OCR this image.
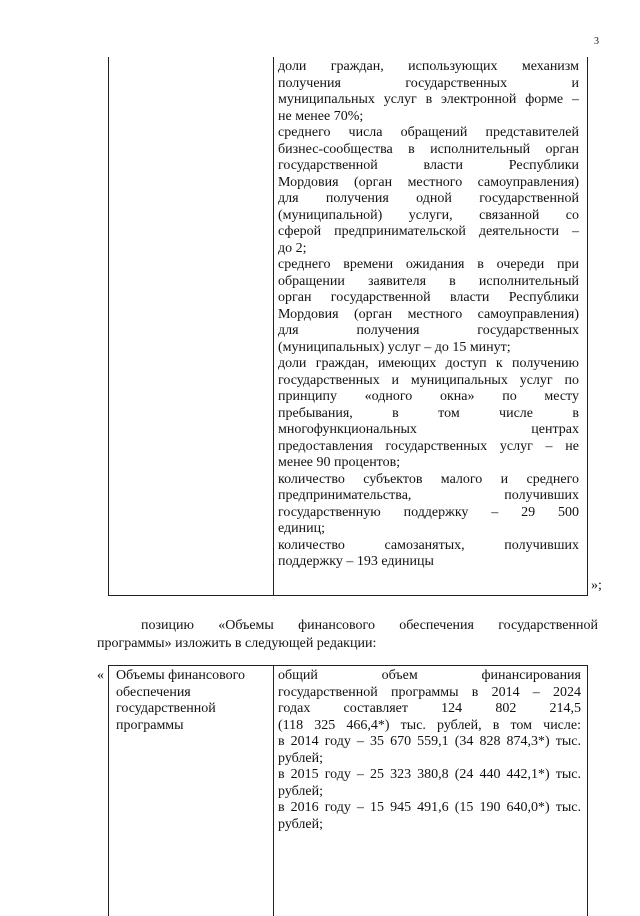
3
доли граждан, использующих механизм
получения государственных и
муниципальных услуг в электронной форме –
не менее 70%;
среднего числа обращений представителей
бизнес-сообщества в исполнительный орган
государственной власти Республики
Мордовия (орган местного самоуправления)
для получения одной государственной
(муниципальной) услуги, связанной со
сферой предпринимательской деятельности –
до 2;
среднего времени ожидания в очереди при
обращении заявителя в исполнительный
орган государственной власти Республики
Мордовия (орган местного самоуправления)
для получения государственных
(муниципальных) услуг – до 15 минут;
доли граждан, имеющих доступ к получению
государственных и муниципальных услуг по
принципу «одного окна» по месту
пребывания, в том числе в
многофункциональных центрах
предоставления государственных услуг – не
менее 90 процентов;
количество субъектов малого и среднего
предпринимательства, получивших
государственную поддержку – 29 500
единиц;
количество самозанятых, получивших
поддержку – 193 единицы
»;
позицию «Объемы финансового обеспечения государственной
программы» изложить в следующей редакции:
« Объемы финансового
обеспечения
государственной
программы
общий объем финансирования
государственной программы в 2014 – 2024
годах составляет 124 802 214,5
(118 325 466,4*) тыс. рублей, в том числе:
в 2014 году – 35 670 559,1 (34 828 874,3*) тыс.
рублей;
в 2015 году – 25 323 380,8 (24 440 442,1*) тыс.
рублей;
в 2016 году – 15 945 491,6 (15 190 640,0*) тыс.
рублей;
